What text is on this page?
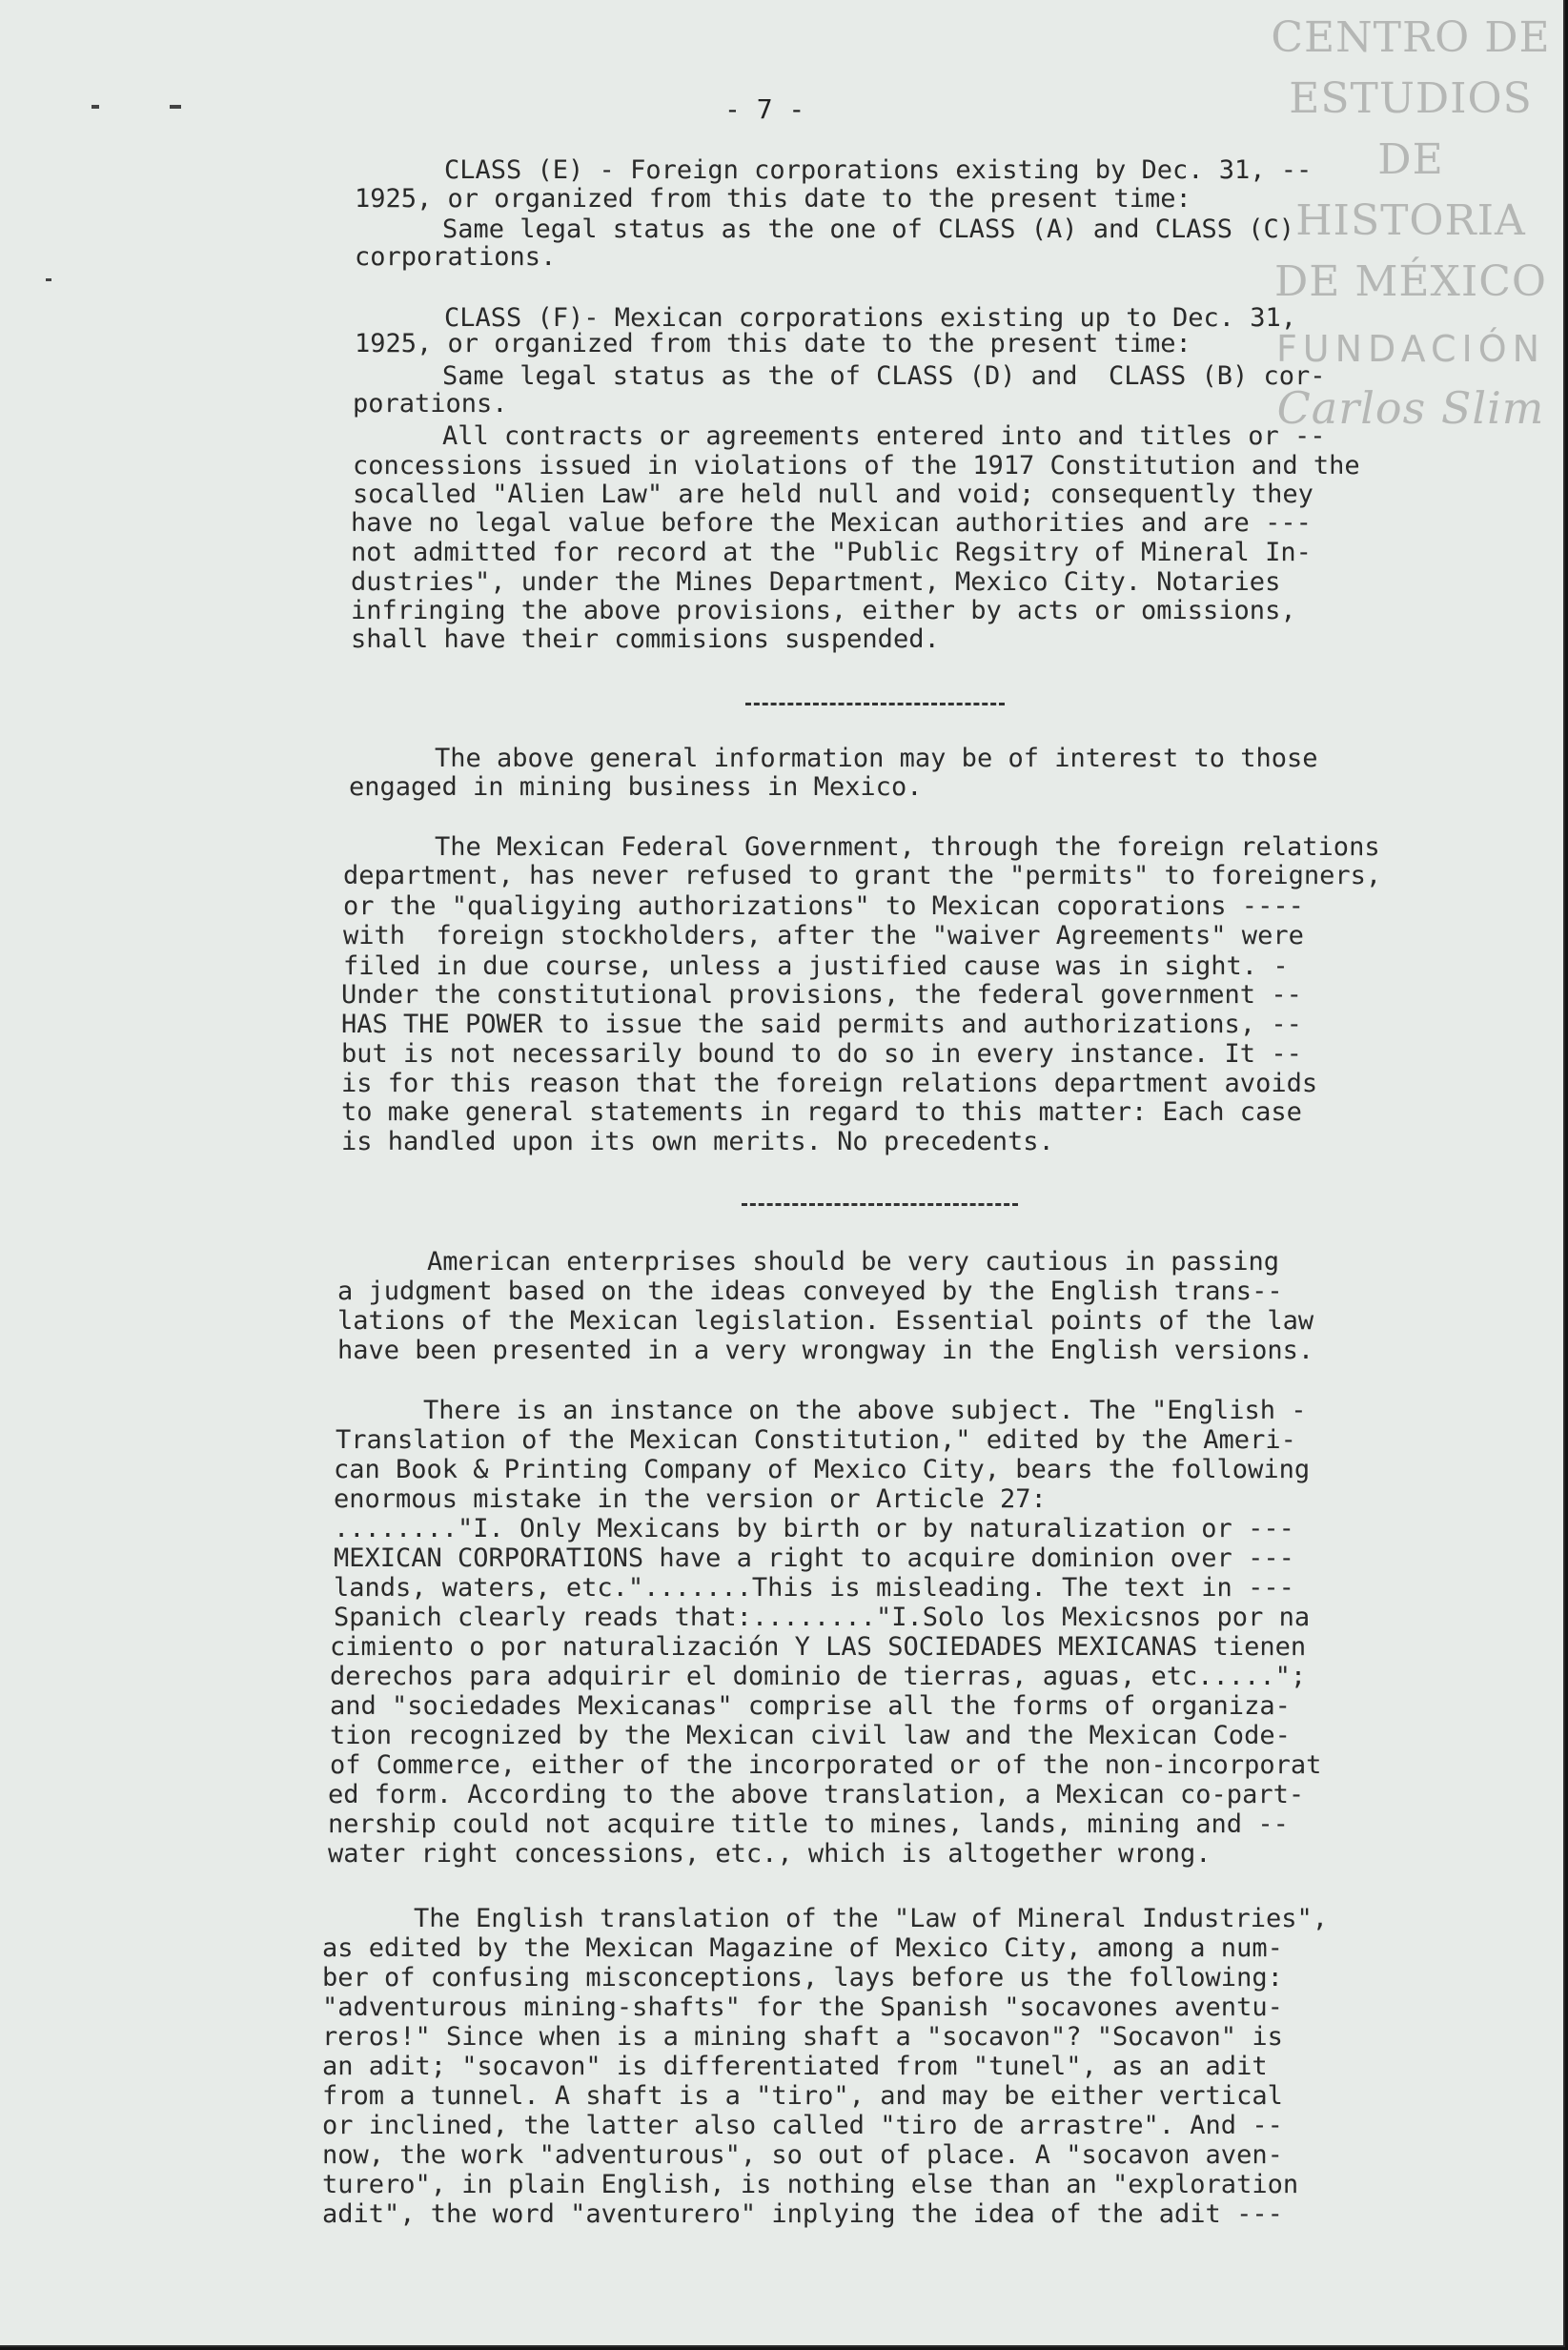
CENTRO DE
ESTUDIOS
DE HISTORIA
DE MÉXICO
FUNDACIÓN
Carlos Slim
- 7 -
CLASS (E) - Foreign corporations existing by Dec. 31, --
1925, or organized from this date to the present time:
Same legal status as the one of CLASS (A) and CLASS (C)
corporations.
CLASS (F)- Mexican corporations existing up to Dec. 31,
1925, or organized from this date to the present time:
Same legal status as the of CLASS (D) and  CLASS (B) cor-
porations.
All contracts or agreements entered into and titles or --
concessions issued in violations of the 1917 Constitution and the
socalled "Alien Law" are held null and void; consequently they
have no legal value before the Mexican authorities and are ---
not admitted for record at the "Public Regsitry of Mineral In-
dustries", under the Mines Department, Mexico City. Notaries
infringing the above provisions, either by acts or omissions,
shall have their commisions suspended.
The above general information may be of interest to those
engaged in mining business in Mexico.
The Mexican Federal Government, through the foreign relations
department, has never refused to grant the "permits" to foreigners,
or the "qualigying authorizations" to Mexican coporations ----
with  foreign stockholders, after the "waiver Agreements" were
filed in due course, unless a justified cause was in sight. -
Under the constitutional provisions, the federal government --
HAS THE POWER to issue the said permits and authorizations, --
but is not necessarily bound to do so in every instance. It --
is for this reason that the foreign relations department avoids
to make general statements in regard to this matter: Each case
is handled upon its own merits. No precedents.
American enterprises should be very cautious in passing
a judgment based on the ideas conveyed by the English trans--
lations of the Mexican legislation. Essential points of the law
have been presented in a very wrongway in the English versions.
There is an instance on the above subject. The "English -
Translation of the Mexican Constitution," edited by the Ameri-
can Book & Printing Company of Mexico City, bears the following
enormous mistake in the version or Article 27:
........"I. Only Mexicans by birth or by naturalization or ---
MEXICAN CORPORATIONS have a right to acquire dominion over ---
lands, waters, etc.".......This is misleading. The text in ---
Spanich clearly reads that:........"I.Solo los Mexicsnos por na
cimiento o por naturalización Y LAS SOCIEDADES MEXICANAS tienen
derechos para adquirir el dominio de tierras, aguas, etc.....";
and "sociedades Mexicanas" comprise all the forms of organiza-
tion recognized by the Mexican civil law and the Mexican Code-
of Commerce, either of the incorporated or of the non-incorporat
ed form. According to the above translation, a Mexican co-part-
nership could not acquire title to mines, lands, mining and --
water right concessions, etc., which is altogether wrong.
The English translation of the "Law of Mineral Industries",
as edited by the Mexican Magazine of Mexico City, among a num-
ber of confusing misconceptions, lays before us the following:
"adventurous mining-shafts" for the Spanish "socavones aventu-
reros!" Since when is a mining shaft a "socavon"? "Socavon" is
an adit; "socavon" is differentiated from "tunel", as an adit
from a tunnel. A shaft is a "tiro", and may be either vertical
or inclined, the latter also called "tiro de arrastre". And --
now, the work "adventurous", so out of place. A "socavon aven-
turero", in plain English, is nothing else than an "exploration
adit", the word "aventurero" inplying the idea of the adit ---
